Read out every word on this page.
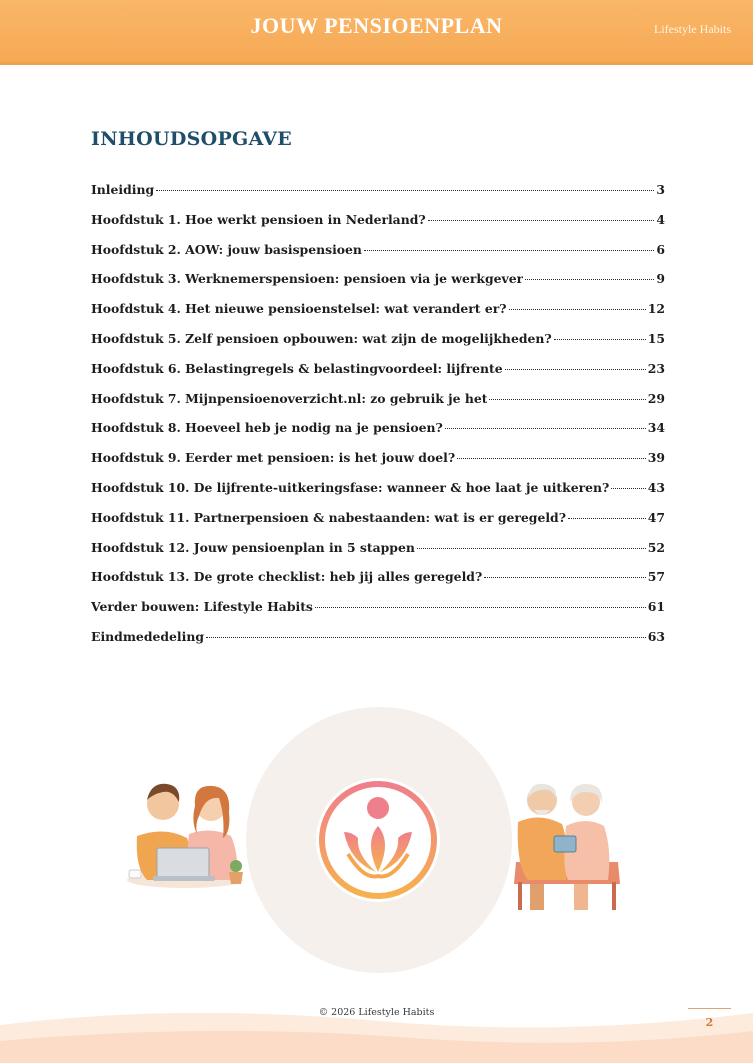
JOUW PENSIOENPLAN	Lifestyle Habits
INHOUDSOPGAVE
Inleiding	3
Hoofdstuk 1. Hoe werkt pensioen in Nederland?	4
Hoofdstuk 2. AOW: jouw basispensioen	6
Hoofdstuk 3. Werknemerspensioen: pensioen via je werkgever	9
Hoofdstuk 4. Het nieuwe pensioenstelsel: wat verandert er?	12
Hoofdstuk 5. Zelf pensioen opbouwen: wat zijn de mogelijkheden?	15
Hoofdstuk 6. Belastingregels & belastingvoordeel: lijfrente	23
Hoofdstuk 7. Mijnpensioenoverzicht.nl: zo gebruik je het	29
Hoofdstuk 8. Hoeveel heb je nodig na je pensioen?	34
Hoofdstuk 9. Eerder met pensioen: is het jouw doel?	39
Hoofdstuk 10. De lijfrente-uitkeringsfase: wanneer & hoe laat je uitkeren?	43
Hoofdstuk 11. Partnerpensioen & nabestaanden: wat is er geregeld?	47
Hoofdstuk 12. Jouw pensioenplan in 5 stappen	52
Hoofdstuk 13. De grote checklist: heb jij alles geregeld?	57
Verder bouwen: Lifestyle Habits	61
Eindmededeling	63
© 2026 Lifestyle Habits
2
